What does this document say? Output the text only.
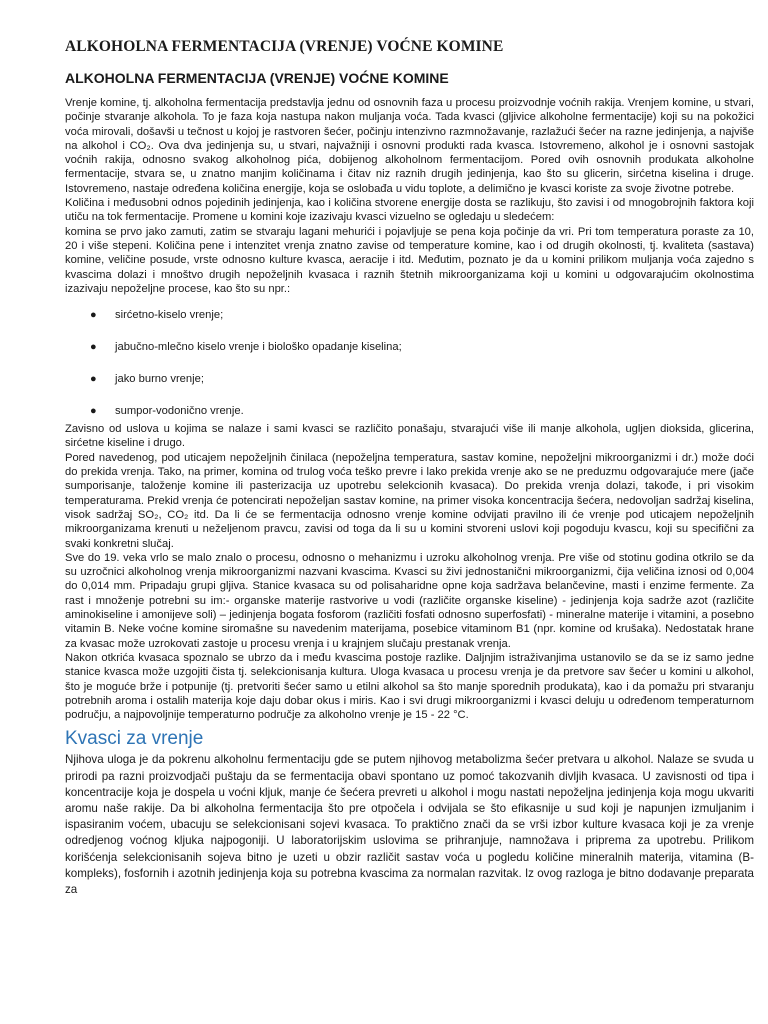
ALKOHOLNA FERMENTACIJA (VRENJE) VOĆNE KOMINE
ALKOHOLNA FERMENTACIJA (VRENJE) VOĆNE KOMINE

Vrenje komine, tj. alkoholna fermentacija predstavlja jednu od osnovnih faza u procesu proizvodnje voćnih rakija. Vrenjem komine, u stvari, počinje stvaranje alkohola. To je faza koja nastupa nakon muljanja voća. Tada kvasci (gljivice alkoholne fermentacije) koji su na pokožici voća mirovali, došavši u tečnost u kojoj je rastvoren šećer, počinju intenzivno razmnožavanje, razlažući šećer na razne jedinjenja, a najviše na alkohol i CO₂. Ova dva jedinjenja su, u stvari, najvažniji i osnovni produkti rada kvasca. Istovremeno, alkohol je i osnovni sastojak voćnih rakija, odnosno svakog alkoholnog pića, dobijenog alkoholnom fermentacijom. Pored ovih osnovnih produkata alkoholne fermentacije, stvara se, u znatno manjim količinama i čitav niz raznih drugih jedinjenja, kao što su glicerin, sirćetna kiselina i druge. Istovremeno, nastaje određena količina energije, koja se oslobađa u vidu toplote, a delimično je kvasci koriste za svoje životne potrebe.

Količina i međusobni odnos pojedinih jedinjenja, kao i količina stvorene energije dosta se razlikuju, što zavisi i od mnogobrojnih faktora koji utiču na tok fermentacije. Promene u komini koje izazivaju kvasci vizuelno se ogledaju u sledećem:

komina se prvo jako zamuti, zatim se stvaraju lagani mehurići i pojavljuje se pena koja počinje da vri. Pri tom temperatura poraste za 10, 20 i više stepeni. Količina pene i intenzitet vrenja znatno zavise od temperature komine, kao i od drugih okolnosti, tj. kvaliteta (sastava) komine, veličine posude, vrste odnosno kulture kvasca, aeracije i itd. Međutim, poznato je da u komini prilikom muljanja voća zajedno s kvascima dolazi i mnoštvo drugih nepoželjnih kvasaca i raznih štetnih mikroorganizama koji u komini u odgovarajućim okolnostima izazivaju nepoželjne procese, kao što su npr.:

● sirćetno-kiselo vrenje;
● jabučno-mlečno kiselo vrenje i biološko opadanje kiselina;
● jako burno vrenje;
● sumpor-vodonično vrenje.

Zavisno od uslova u kojima se nalaze i sami kvasci se različito ponašaju, stvarajući više ili manje alkohola, ugljen dioksida, glicerina, sirćetne kiseline i drugo.

Pored navedenog, pod uticajem nepoželjnih činilaca (nepoželjna temperatura, sastav komine, nepoželjni mikroorganizmi i dr.) može doći do prekida vrenja. Tako, na primer, komina od trulog voća teško prevre i lako prekida vrenje ako se ne preduzmu odgovarajuće mere (jače sumporisanje, taloženje komine ili pasterizacija uz upotrebu selekcionih kvasaca). Do prekida vrenja dolazi, takođe, i pri visokim temperaturama. Prekid vrenja će potencirati nepoželjan sastav komine, na primer visoka koncentracija šećera, nedovoljan sadržaj kiselina, visok sadržaj SO₂, CO₂ itd. Da li će se fermentacija odnosno vrenje komine odvijati pravilno ili će vrenje pod uticajem nepoželjnih mikroorganizama krenuti u neželjenom pravcu, zavisi od toga da li su u komini stvoreni uslovi koji pogoduju kvascu, koji su specifični za svaki konkretni slučaj.

Sve do 19. veka vrlo se malo znalo o procesu, odnosno o mehanizmu i uzroku alkoholnog vrenja. Pre više od stotinu godina otkrilo se da su uzročnici alkoholnog vrenja mikroorganizmi nazvani kvascima. Kvasci su živi jednostanični mikroorganizmi, čija veličina iznosi od 0,004 do 0,014 mm. Pripadaju grupi gljiva. Stanice kvasaca su od polisaharidne opne koja sadržava belančevine, masti i enzime fermente. Za rast i množenje potrebni su im:- organske materije rastvorive u vodi (različite organske kiseline) - jedinjenja koja sadrže azot (različite aminokiseline i amonijeve soli) – jedinjenja bogata fosforom (različiti fosfati odnosno superfosfati) - mineralne materije i vitamini, a posebno vitamin B. Neke voćne komine siromašne su navedenim materijama, posebice vitaminom B1 (npr. komine od krušaka). Nedostatak hrane za kvasac može uzrokovati zastoje u procesu vrenja i u krajnjem slučaju prestanak vrenja.

Nakon otkrića kvasaca spoznalo se ubrzo da i među kvascima postoje razlike. Daljnjim istraživanjima ustanovilo se da se iz samo jedne stanice kvasca može uzgojiti čista tj. selekcionisanja kultura. Uloga kvasaca u procesu vrenja je da pretvore sav šećer u komini u alkohol, što je moguće brže i potpunije (tj. pretvoriti šećer samo u etilni alkohol sa što manje sporednih produkata), kao i da pomažu pri stvaranju potrebnih aroma i ostalih materija koje daju dobar okus i miris. Kao i svi drugi mikroorganizmi i kvasci deluju u određenom temperaturnom području, a najpovoljnije temperaturno područje za alkoholno vrenje je 15 - 22 °C.

Kvasci za vrenje

Njihova uloga je da pokrenu alkoholnu fermentaciju gde se putem njihovog metabolizma šećer pretvara u alkohol. Nalaze se svuda u prirodi pa razni proizvodjači puštaju da se fermentacija obavi spontano uz pomoć takozvanih divljih kvasaca. U zavisnosti od tipa i koncentracije koja je dospela u voćni kljuk, manje će šećera prevreti u alkohol i mogu nastati nepoželjna jedinjenja koja mogu ukvariti aromu naše rakije. Da bi alkoholna fermentacija što pre otpočela i odvijala se što efikasnije u sud koji je napunjen izmuljanim i ispasiranim voćem, ubacuju se selekcionisani sojevi kvasaca. To praktično znači da se vrši izbor kulture kvasaca koji je za vrenje odredjenog voćnog kljuka najpogoniji. U laboratorijskim uslovima se prihranjuje, namnožava i priprema za upotrebu. Prilikom korišćenja selekcionisanih sojeva bitno je uzeti u obzir različit sastav voća u pogledu količine mineralnih materija, vitamina (B-kompleks), fosfornih i azotnih jedinjenja koja su potrebna kvascima za normalan razvitak. Iz ovog razloga je bitno dodavanje preparata za
